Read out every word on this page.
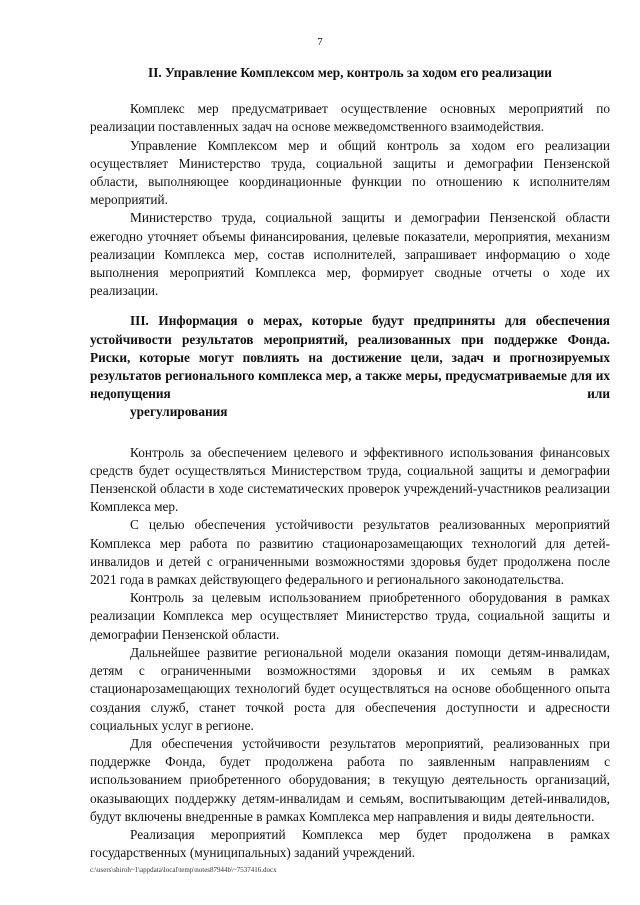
7
II. Управление Комплексом мер, контроль за ходом его реализации

Комплекс мер предусматривает осуществление основных мероприятий по реализации поставленных задач на основе межведомственного взаимодействия.

Управление Комплексом мер и общий контроль за ходом его реализации осуществляет Министерство труда, социальной защиты и демографии Пензенской области, выполняющее координационные функции по отношению к исполнителям мероприятий.

Министерство труда, социальной защиты и демографии Пензенской области ежегодно уточняет объемы финансирования, целевые показатели, мероприятия, механизм реализации Комплекса мер, состав исполнителей, запрашивает информацию о ходе выполнения мероприятий Комплекса мер, формирует сводные отчеты о ходе их реализации.

III. Информация о мерах, которые будут предприняты для обеспечения устойчивости результатов мероприятий, реализованных при поддержке Фонда. Риски, которые могут повлиять на достижение цели, задач и прогнозируемых результатов регионального комплекса мер, а также меры, предусматриваемые для их недопущения или
урегулирования

Контроль за обеспечением целевого и эффективного использования финансовых средств будет осуществляться Министерством труда, социальной защиты и демографии Пензенской области в ходе систематических проверок учреждений-участников реализации Комплекса мер.

С целью обеспечения устойчивости результатов реализованных мероприятий Комплекса мер работа по развитию стационарозамещающих технологий для детей-инвалидов и детей с ограниченными возможностями здоровья будет продолжена после 2021 года в рамках действующего федерального и регионального законодательства.

Контроль за целевым использованием приобретенного оборудования в рамках реализации Комплекса мер осуществляет Министерство труда, социальной защиты и демографии Пензенской области.

Дальнейшее развитие региональной модели оказания помощи детям-инвалидам, детям с ограниченными возможностями здоровья и их семьям в рамках стационарозамещающих технологий будет осуществляться на основе обобщенного опыта создания служб, станет точкой роста для обеспечения доступности и адресности социальных услуг в регионе.

Для обеспечения устойчивости результатов мероприятий, реализованных при поддержке Фонда, будет продолжена работа по заявленным направлениям с использованием приобретенного оборудования; в текущую деятельность организаций, оказывающих поддержку детям-инвалидам и семьям, воспитывающим детей-инвалидов, будут включены внедренные в рамках Комплекса мер направления и виды деятельности.

Реализация мероприятий Комплекса мер будет продолжена в рамках государственных (муниципальных) заданий учреждений.

c:\users\shiroh~1\appdata\local\temp\notes87944b\~7537416.docx
